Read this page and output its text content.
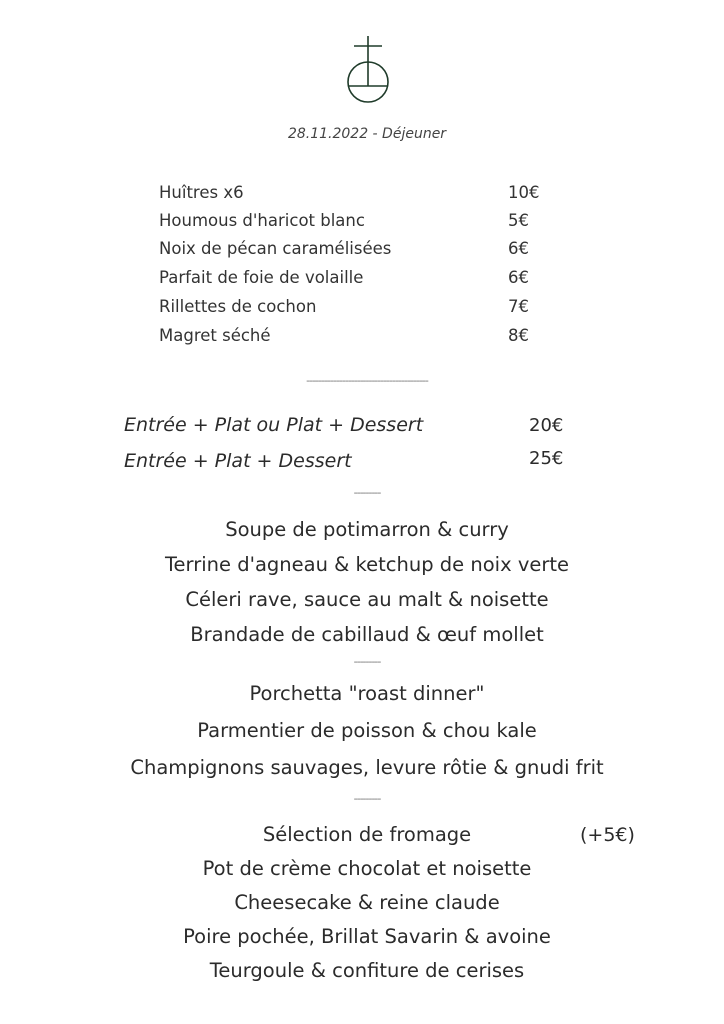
28.11.2022 - Déjeuner
Huîtres x6	10€
Houmous d'haricot blanc	5€
Noix de pécan caramélisées	6€
Parfait de foie de volaille	6€
Rillettes de cochon	7€
Magret séché	8€
-----------------------------------------
Entrée + Plat ou Plat + Dessert	20€
Entrée + Plat + Dessert	25€
---------
Soupe de potimarron & curry
Terrine d'agneau & ketchup de noix verte
Céleri rave, sauce au malt & noisette
Brandade de cabillaud & œuf mollet
---------
Porchetta "roast dinner"
Parmentier de poisson & chou kale
Champignons sauvages, levure rôtie & gnudi frit
---------
Sélection de fromage	(+5€)
Pot de crème chocolat et noisette
Cheesecake & reine claude
Poire pochée, Brillat Savarin & avoine
Teurgoule & confiture de cerises
